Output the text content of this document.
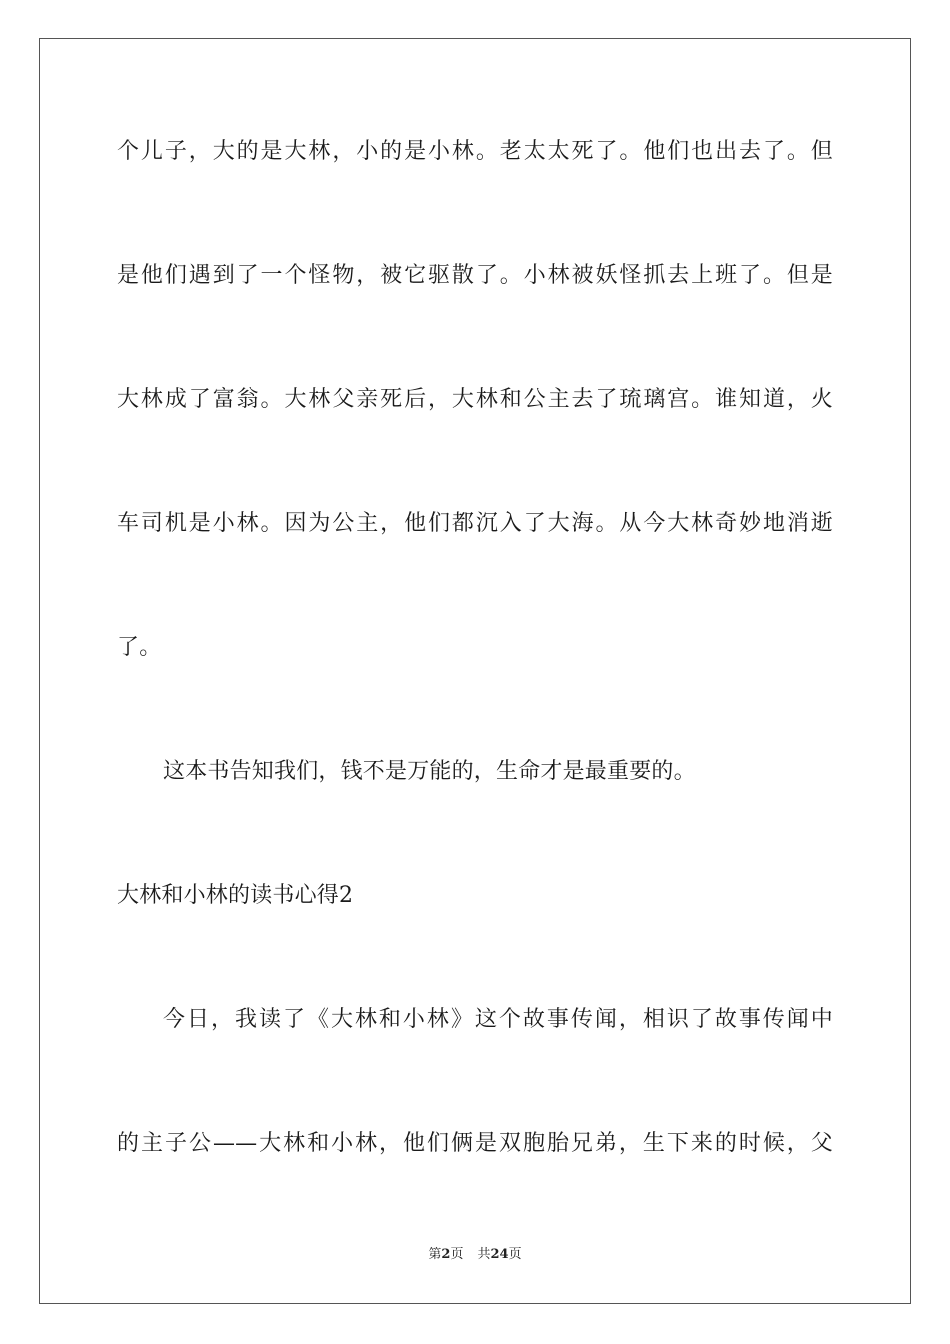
个儿子，大的是大林，小的是小林。老太太死了。他们也出去了。但
是他们遇到了一个怪物，被它驱散了。小林被妖怪抓去上班了。但是
大林成了富翁。大林父亲死后，大林和公主去了琉璃宫。谁知道，火
车司机是小林。因为公主，他们都沉入了大海。从今大林奇妙地消逝
了。
这本书告知我们，钱不是万能的，生命才是最重要的。
大林和小林的读书心得2
今日，我读了《大林和小林》这个故事传闻，相识了故事传闻中
的主子公——大林和小林，他们俩是双胞胎兄弟，生下来的时候，父
第2页 共24页
